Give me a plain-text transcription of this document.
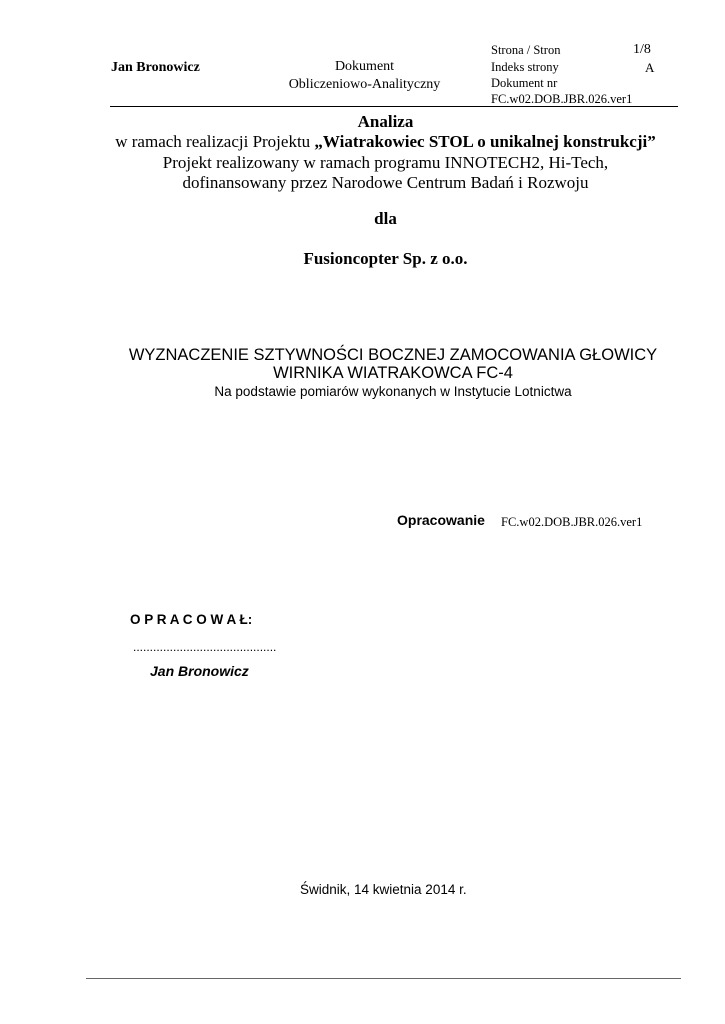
Jan Bronowicz	Dokument
Obliczeniowo-Analityczny
Strona / Stron	1/8
Indeks strony	A
Dokument nr
FC.w02.DOB.JBR.026.ver1
Analiza
w ramach realizacji Projektu „Wiatrakowiec STOL o unikalnej konstrukcji”
Projekt realizowany w ramach programu INNOTECH2, Hi-Tech,
dofinansowany przez Narodowe Centrum Badań i Rozwoju
dla
Fusioncopter Sp. z o.o.
WYZNACZENIE SZTYWNOŚCI BOCZNEJ ZAMOCOWANIA GŁOWICY
WIRNIKA WIATRAKOWCA FC-4
Na podstawie pomiarów wykonanych w Instytucie Lotnictwa
Opracowanie FC.w02.DOB.JBR.026.ver1
O P R A C O W A Ł:
...........................................
Jan Bronowicz
Świdnik, 14 kwietnia 2014 r.
